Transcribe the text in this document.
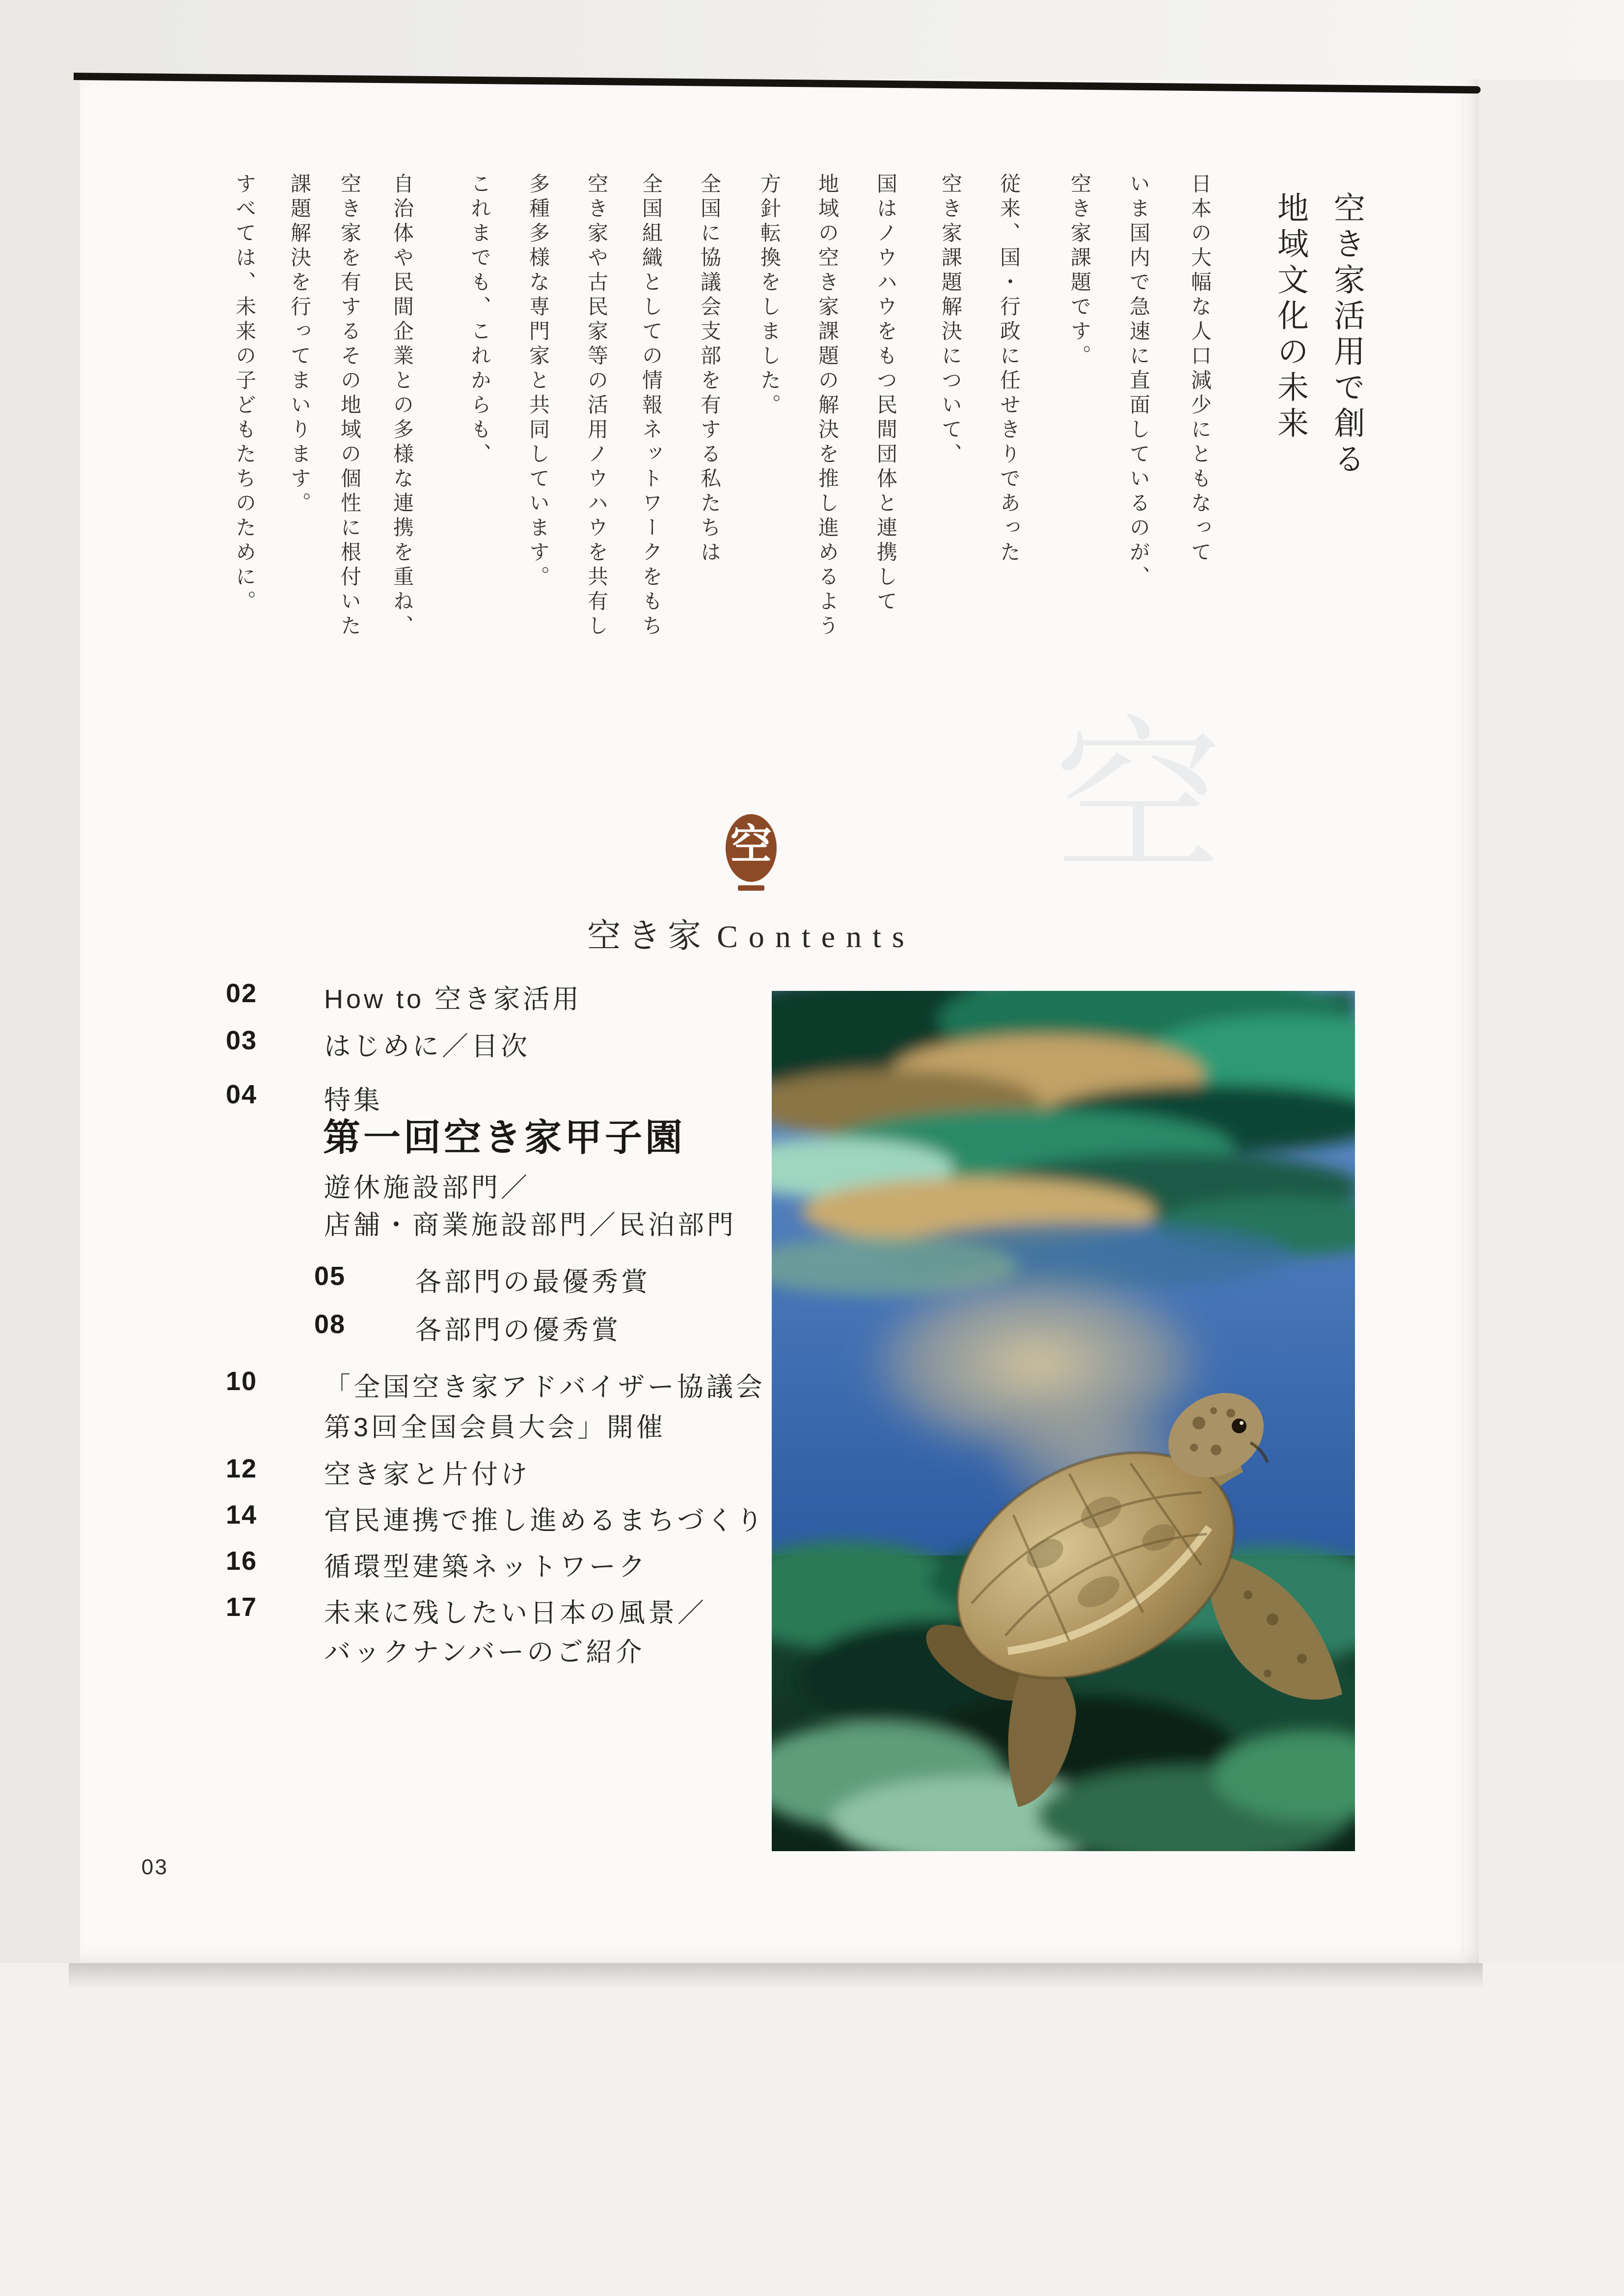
空
空き家活用で創る
地域文化の未来
日本の大幅な人口減少にともなって
いま国内で急速に直面しているのが、
空き家課題です。
従来、国・行政に任せきりであった
空き家課題解決について、
国はノウハウをもつ民間団体と連携して
地域の空き家課題の解決を推し進めるよう
方針転換をしました。
全国に協議会支部を有する私たちは
全国組織としての情報ネットワークをもち
空き家や古民家等の活用ノウハウを共有し
多種多様な専門家と共同しています。
これまでも、これからも、
自治体や民間企業との多様な連携を重ね、
空き家を有するその地域の個性に根付いた
課題解決を行ってまいります。
すべては、未来の子どもたちのために。
空
空き家 Contents
02	How to 空き家活用
03	はじめに／目次
04	特集
第一回空き家甲子園
遊休施設部門／
店舗・商業施設部門／民泊部門
05	各部門の最優秀賞
08	各部門の優秀賞
10	「全国空き家アドバイザー協議会
第3回全国会員大会」開催
12	空き家と片付け
14	官民連携で推し進めるまちづくり
16	循環型建築ネットワーク
17	未来に残したい日本の風景／
バックナンバーのご紹介
03
